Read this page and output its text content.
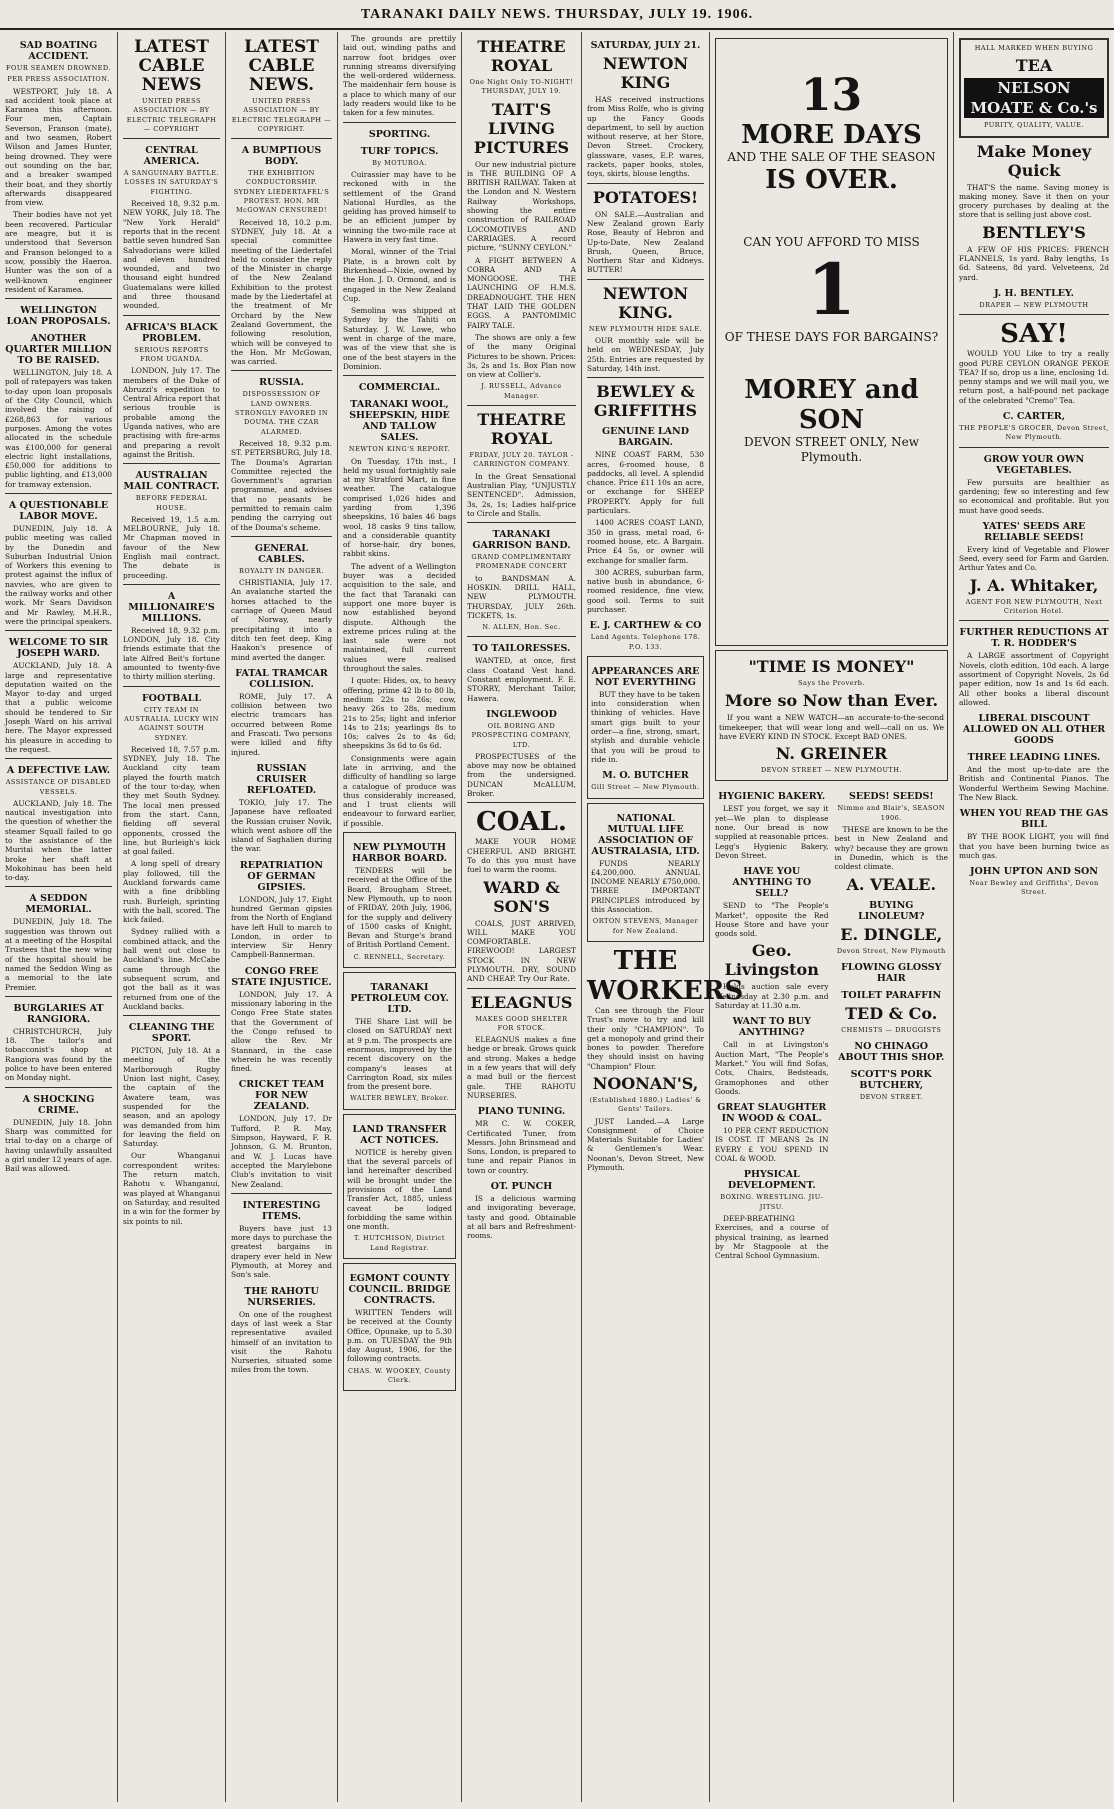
TARANAKI DAILY NEWS. THURSDAY, JULY 19. 1906.
SAD BOATING ACCIDENT.
FOUR SEAMEN DROWNED.
PER PRESS ASSOCIATION.
WESTPORT, July 18. A sad accident took place at Karamea this afternoon. Four men, Captain Severson, Franson (mate), and two seamen, Robert Wilson and James Hunter, being drowned. They were out sounding on the bar, and a breaker swamped their boat, and they shortly afterwards disappeared from view.
Their bodies have not yet been recovered. Particular are meagre, but it is understood that Severson and Franson belonged to a scow, possibly the Haeroa. Hunter was the son of a well-known engineer resident of Karamea.
WELLINGTON LOAN PROPOSALS.
ANOTHER QUARTER MILLION TO BE RAISED.
WELLINGTON, July 18. A poll of ratepayers was taken to-day upon loan proposals of the City Council, which involved the raising of £268,863 for various purposes. Among the votes allocated in the schedule was £100,000 for general electric light installations, £50,000 for additions to public lighting, and £13,000 for tramway extension.
A QUESTIONABLE LABOR MOVE.
DUNEDIN, July 18. A public meeting was called by the Dunedin and Suburban Industrial Union of Workers this evening to protest against the influx of navvies, who are given to the railway works and other work. Mr Sears Davidson and Mr Rawley, M.H.R., were the principal speakers.
WELCOME TO SIR JOSEPH WARD.
AUCKLAND, July 18. A large and representative deputation waited on the Mayor to-day and urged that a public welcome should be tendered to Sir Joseph Ward on his arrival here. The Mayor expressed his pleasure in acceding to the request.
A DEFECTIVE LAW.
ASSISTANCE OF DISABLED VESSELS.
AUCKLAND, July 18. The nautical investigation into the question of whether the steamer Squall failed to go to the assistance of the Muritai when the latter broke her shaft at Mokohinau has been held to-day.
A SEDDON MEMORIAL.
DUNEDIN, July 18. The suggestion was thrown out at a meeting of the Hospital Trustees that the new wing of the hospital should be named the Seddon Wing as a memorial to the late Premier.
BURGLARIES AT RANGIORA.
CHRISTCHURCH, July 18. The tailor's and tobacconist's shop at Rangiora was found by the police to have been entered on Monday night.
A SHOCKING CRIME.
DUNEDIN, July 18. John Sharp was committed for trial to-day on a charge of having unlawfully assaulted a girl under 12 years of age. Bail was allowed.
LATEST CABLE NEWS
UNITED PRESS ASSOCIATION — BY ELECTRIC TELEGRAPH — COPYRIGHT
CENTRAL AMERICA.
A SANGUINARY BATTLE. LOSSES IN SATURDAY'S FIGHTING.
Received 18, 9.32 p.m. NEW YORK, July 18. The "New York Herald" reports that in the recent battle seven hundred San Salvadorians were killed and eleven hundred wounded, and two thousand eight hundred Guatemalans were killed and three thousand wounded.
AFRICA'S BLACK PROBLEM.
SERIOUS REPORTS FROM UGANDA.
LONDON, July 17. The members of the Duke of Abruzzi's expedition to Central Africa report that serious trouble is probable among the Uganda natives, who are practising with fire-arms and preparing a revolt against the British.
AUSTRALIAN MAIL CONTRACT.
BEFORE FEDERAL HOUSE.
Received 19, 1.5 a.m. MELBOURNE, July 18. Mr Chapman moved in favour of the New English mail contract. The debate is proceeding.
A MILLIONAIRE'S MILLIONS.
Received 18, 9.32 p.m. LONDON, July 18. City friends estimate that the late Alfred Beit's fortune amounted to twenty-five to thirty million sterling.
FOOTBALL
CITY TEAM IN AUSTRALIA. LUCKY WIN AGAINST SOUTH SYDNEY.
Received 18, 7.57 p.m. SYDNEY, July 18. The Auckland city team played the fourth match of the tour to-day, when they met South Sydney. The local men pressed from the start. Cann, fielding off several opponents, crossed the line, but Burleigh's kick at goal failed.
A long spell of dreary play followed, till the Auckland forwards came with a fine dribbling rush. Burleigh, sprinting with the ball, scored. The kick failed.
Sydney rallied with a combined attack, and the ball went out close to Auckland's line. McCabe came through the subsequent scrum, and got the ball as it was returned from one of the Auckland backs.
CLEANING THE SPORT.
PICTON, July 18. At a meeting of the Marlborough Rugby Union last night, Casey, the captain of the Awatere team, was suspended for the season, and an apology was demanded from him for leaving the field on Saturday.
Our Whanganui correspondent writes: The return match, Rahotu v. Whanganui, was played at Whanganui on Saturday, and resulted in a win for the former by six points to nil.
LATEST CABLE NEWS.
UNITED PRESS ASSOCIATION — BY ELECTRIC TELEGRAPH — COPYRIGHT.
A BUMPTIOUS BODY.
THE EXHIBITION CONDUCTORSHIP. SYDNEY LIEDERTAFEL'S PROTEST. HON. MR McGOWAN CENSURED!
Received 18, 10.2 p.m. SYDNEY, July 18. At a special committee meeting of the Liedertafel held to consider the reply of the Minister in charge of the New Zealand Exhibition to the protest made by the Liedertafel at the treatment of Mr Orchard by the New Zealand Government, the following resolution, which will be conveyed to the Hon. Mr McGowan, was carried.
RUSSIA.
DISPOSSESSION OF LAND OWNERS. STRONGLY FAVORED IN DOUMA. THE CZAR ALARMED.
Received 18, 9.32 p.m. ST. PETERSBURG, July 18. The Douma's Agrarian Committee rejected the Government's agrarian programme, and advises that no peasants be permitted to remain calm pending the carrying out of the Douma's scheme.
GENERAL CABLES.
ROYALTY IN DANGER.
CHRISTIANIA, July 17. An avalanche started the horses attached to the carriage of Queen Maud of Norway, nearly precipitating it into a ditch ten feet deep. King Haakon's presence of mind averted the danger.
FATAL TRAMCAR COLLISION.
ROME, July 17. A collision between two electric tramcars has occurred between Rome and Frascati. Two persons were killed and fifty injured.
RUSSIAN CRUISER REFLOATED.
TOKIO, July 17. The Japanese have refloated the Russian cruiser Novik, which went ashore off the island of Saghalien during the war.
REPATRIATION OF GERMAN GIPSIES.
LONDON, July 17. Eight hundred German gipsies from the North of England have left Hull to march to London, in order to interview Sir Henry Campbell-Bannerman.
CONGO FREE STATE INJUSTICE.
LONDON, July 17. A missionary laboring in the Congo Free State states that the Government of the Congo refused to allow the Rev. Mr Stannard, in the case wherein he was recently fined.
CRICKET TEAM FOR NEW ZEALAND.
LONDON, July 17. Dr Tufford, P. R. May, Simpson, Hayward, F. R. Johnson, G. M. Brunton, and W. J. Lucas have accepted the Marylebone Club's invitation to visit New Zealand.
INTERESTING ITEMS.
Buyers have just 13 more days to purchase the greatest bargains in drapery ever held in New Plymouth, at Morey and Son's sale.
THE RAHOTU NURSERIES.
On one of the roughest days of last week a Star representative availed himself of an invitation to visit the Rahotu Nurseries, situated some miles from the town.
The grounds are prettily laid out, winding paths and narrow foot bridges over running streams diversifying the well-ordered wilderness. The maidenhair fern house is a place to which many of our lady readers would like to be taken for a few minutes.
SPORTING.
TURF TOPICS.
By MOTUROA.
Cuirassier may have to be reckoned with in the settlement of the Grand National Hurdles, as the gelding has proved himself to be an efficient jumper by winning the two-mile race at Hawera in very fast time.
Moral, winner of the Trial Plate, is a brown colt by Birkenhead—Nixie, owned by the Hon. J. D. Ormond, and is engaged in the New Zealand Cup.
Semolina was shipped at Sydney by the Tahiti on Saturday. J. W. Lowe, who went in charge of the mare, was of the view that she is one of the best stayers in the Dominion.
COMMERCIAL.
TARANAKI WOOL, SHEEPSKIN, HIDE AND TALLOW SALES.
NEWTON KING'S REPORT.
On Tuesday, 17th inst., I held my usual fortnightly sale at my Stratford Mart, in fine weather. The catalogue comprised 1,026 hides and yarding from 1,396 sheepskins, 16 bales 46 bags wool, 18 casks 9 tins tallow, and a considerable quantity of horse-hair, dry bones, rabbit skins.
The advent of a Wellington buyer was a decided acquisition to the sale, and the fact that Taranaki can support one more buyer is now established beyond dispute. Although the extreme prices ruling at the last sale were not maintained, full current values were realised throughout the sales.
I quote: Hides, ox, to heavy offering, prime 42 lb to 80 lb, medium 22s to 26s; cow, heavy 26s to 28s, medium 21s to 25s; light and inferior 14s to 21s; yearlings 8s to 10s; calves 2s to 4s 6d; sheepskins 3s 6d to 6s 6d.
Consignments were again late in arriving, and the difficulty of handling so large a catalogue of produce was thus considerably increased, and I trust clients will endeavour to forward earlier, if possible.
NEW PLYMOUTH HARBOR BOARD.
TENDERS will be received at the Office of the Board, Brougham Street, New Plymouth, up to noon of FRIDAY, 20th July, 1906, for the supply and delivery of 1500 casks of Knight, Bevan and Sturge's brand of British Portland Cement.
C. RENNELL, Secretary.
TARANAKI PETROLEUM COY. LTD.
THE Share List will be closed on SATURDAY next at 9 p.m. The prospects are enormous, improved by the recent discovery on the company's leases at Carrington Road, six miles from the present bore.
WALTER BEWLEY, Broker.
LAND TRANSFER ACT NOTICES.
NOTICE is hereby given that the several parcels of land hereinafter described will be brought under the provisions of the Land Transfer Act, 1885, unless caveat be lodged forbidding the same within one month.
T. HUTCHISON, District Land Registrar.
EGMONT COUNTY COUNCIL. BRIDGE CONTRACTS.
WRITTEN Tenders will be received at the County Office, Opunake, up to 5.30 p.m. on TUESDAY the 9th day August, 1906, for the following contracts.
CHAS. W. WOOKEY, County Clerk.
THEATRE ROYAL
One Night Only TO-NIGHT! THURSDAY, JULY 19.
TAIT'S LIVING PICTURES
Our new industrial picture is THE BUILDING OF A BRITISH RAILWAY. Taken at the London and N. Western Railway Workshops, showing the entire construction of RAILROAD LOCOMOTIVES AND CARRIAGES. A record picture, "SUNNY CEYLON."
A FIGHT BETWEEN A COBRA AND A MONGOOSE. THE LAUNCHING OF H.M.S. DREADNOUGHT. THE HEN THAT LAID THE GOLDEN EGGS. A PANTOMIMIC FAIRY TALE.
The shows are only a few of the many Original Pictures to be shown. Prices: 3s, 2s and 1s. Box Plan now on view at Collier's.
J. RUSSELL, Advance Manager.
THEATRE ROYAL
FRIDAY, JULY 20. TAYLOR - CARRINGTON COMPANY.
In the Great Sensational Australian Play, "UNJUSTLY SENTENCED". Admission, 3s, 2s, 1s; Ladies half-price to Circle and Stalls.
TARANAKI GARRISON BAND.
GRAND COMPLIMENTARY PROMENADE CONCERT
to BANDSMAN A. HOSKIN. DRILL HALL, NEW PLYMOUTH. THURSDAY, JULY 26th. TICKETS, 1s.
N. ALLEN, Hon. Sec.
TO TAILORESSES.
WANTED, at once, first class Coatand Vest hand. Constant employment. F. E. STORRY, Merchant Tailor, Hawera.
INGLEWOOD
OIL BORING AND PROSPECTING COMPANY, LTD.
PROSPECTUSES of the above may now be obtained from the undersigned. DUNCAN McALLUM, Broker.
COAL.
MAKE YOUR HOME CHEERFUL AND BRIGHT. To do this you must have fuel to warm the rooms.
WARD & SON'S
COALS, JUST ARRIVED, WILL MAKE YOU COMFORTABLE. FIREWOOD! LARGEST STOCK IN NEW PLYMOUTH. DRY, SOUND AND CHEAP. Try Our Rate.
ELEAGNUS
MAKES GOOD SHELTER FOR STOCK.
ELEAGNUS makes a fine hedge or break. Grows quick and strong. Makes a hedge in a few years that will defy a mad bull or the fiercest gale. THE RAHOTU NURSERIES.
PIANO TUNING.
MR C. W. COKER, Certificated Tuner, from Messrs. John Brinsmead and Sons, London, is prepared to tune and repair Pianos in town or country.
OT. PUNCH
IS a delicious warming and invigorating beverage, tasty and good. Obtainable at all bars and Refreshment-rooms.
SATURDAY, JULY 21.
NEWTON KING
HAS received instructions from Miss Rolfe, who is giving up the Fancy Goods department, to sell by auction without reserve, at her Store, Devon Street. Crockery, glassware, vases, E.P. wares, rackets, paper books, stoles, toys, skirts, blouse lengths.
POTATOES!
ON SALE.—Australian and New Zealand grown Early Rose, Beauty of Hebron and Up-to-Date, New Zealand Brush, Queen, Bruce, Northern Star and Kidneys. BUTTER!
NEWTON KING.
NEW PLYMOUTH HIDE SALE.
OUR monthly sale will be held on WEDNESDAY, July 25th. Entries are requested by Saturday, 14th inst.
BEWLEY & GRIFFITHS
GENUINE LAND BARGAIN.
NINE COAST FARM, 530 acres, 6-roomed house, 8 paddocks, all level. A splendid chance. Price £11 10s an acre, or exchange for SHEEP PROPERTY. Apply for full particulars.
1400 ACRES COAST LAND, 350 in grass, metal road, 6-roomed house, etc. A Bargain. Price £4 5s, or owner will exchange for smaller farm.
300 ACRES, suburban farm, native bush in abundance, 6-roomed residence, fine view, good soil. Terms to suit purchaser.
E. J. CARTHEW & CO
Land Agents. Telephone 178. P.O. 133.
APPEARANCES ARE NOT EVERYTHING
BUT they have to be taken into consideration when thinking of vehicles. Have smart gigs built to your order—a fine, strong, smart, stylish and durable vehicle that you will be proud to ride in.
M. O. BUTCHER
Gill Street — New Plymouth.
NATIONAL MUTUAL LIFE ASSOCIATION OF AUSTRALASIA, LTD.
FUNDS NEARLY £4,200,000. ANNUAL INCOME NEARLY £750,000. THREE IMPORTANT PRINCIPLES introduced by this Association.
ORTON STEVENS, Manager for New Zealand.
THE WORKERS
Can see through the Flour Trust's move to try and kill their only "CHAMPION". To get a monopoly and grind their bones to powder. Therefore they should insist on having "Champion" Flour.
NOONAN'S,
(Established 1880.) Ladies' & Gents' Tailors.
JUST Landed.—A Large Consignment of Choice Materials Suitable for Ladies' & Gentlemen's Wear. Noonan's, Devon Street, New Plymouth.
13
MORE DAYS
AND THE SALE OF THE SEASON
IS OVER.
CAN YOU AFFORD TO MISS
1
OF THESE DAYS FOR BARGAINS?
MOREY and SON
DEVON STREET ONLY, New Plymouth.
"TIME IS MONEY"
Says the Proverb.
More so Now than Ever.
If you want a NEW WATCH—an accurate-to-the-second timekeeper, that will wear long and well—call on us. We have EVERY KIND IN STOCK. Except BAD ONES.
N. GREINER
DEVON STREET — NEW PLYMOUTH.
HYGIENIC BAKERY.
LEST you forget, we say it yet—We plan to displease none. Our bread is now supplied at reasonable prices. Legg's Hygienic Bakery, Devon Street.
HAVE YOU ANYTHING TO SELL?
SEND to "The People's Market", opposite the Red House Store and have your goods sold.
Geo. Livingston
Holds auction sale every Wednesday at 2.30 p.m. and Saturday at 11.30 a.m.
WANT TO BUY ANYTHING?
Call in at Livingston's Auction Mart, "The People's Market." You will find Sofas, Cots, Chairs, Bedsteads, Gramophones and other Goods.
GREAT SLAUGHTER IN WOOD & COAL.
10 PER CENT REDUCTION IS COST. IT MEANS 2s IN EVERY £ YOU SPEND IN COAL & WOOD.
PHYSICAL DEVELOPMENT.
BOXING. WRESTLING. JIU-JITSU.
DEEP-BREATHING Exercises, and a course of physical training, as learned by Mr Stagpoole at the Central School Gymnasium.
SEEDS! SEEDS!
Nimmo and Blair's, SEASON 1906.
THESE are known to be the best in New Zealand and why? because they are grown in Dunedin, which is the coldest climate.
A. VEALE.
BUYING LINOLEUM?
E. DINGLE,
Devon Street, New Plymouth
FLOWING GLOSSY HAIR
TOILET PARAFFIN
TED & Co.
CHEMISTS — DRUGGISTS
NO CHINAGO ABOUT THIS SHOP.
SCOTT'S PORK BUTCHERY,
DEVON STREET.
HALL MARKED WHEN BUYING
TEA
NELSON MOATE & Co.'s
PURITY, QUALITY, VALUE.
Make Money Quick
THAT'S the name. Saving money is making money. Save it then on your grocery purchases by dealing at the store that is selling just above cost.
BENTLEY'S
A FEW OF HIS PRICES: FRENCH FLANNELS, 1s yard. Baby lengths, 1s 6d. Sateens, 8d yard. Velveteens, 2d yard.
J. H. BENTLEY.
DRAPER — NEW PLYMOUTH
SAY!
WOULD YOU Like to try a really good PURE CEYLON ORANGE PEKOE TEA? If so, drop us a line, enclosing 1d. penny stamps and we will mail you, we return post, a half-pound net package of the celebrated "Cremo" Tea.
C. CARTER,
THE PEOPLE'S GROCER, Devon Street, New Plymouth.
GROW YOUR OWN VEGETABLES.
Few pursuits are healthier as gardening; few so interesting and few so economical and profitable. But you must have good seeds.
YATES' SEEDS ARE RELIABLE SEEDS!
Every kind of Vegetable and Flower Seed, every seed for Farm and Garden. Arthur Yates and Co.
J. A. Whitaker,
AGENT FOR NEW PLYMOUTH, Next Criterion Hotel.
FURTHER REDUCTIONS AT T. R. HODDER'S
A LARGE assortment of Copyright Novels, cloth edition, 10d each. A large assortment of Copyright Novels, 2s 6d paper edition, now 1s and 1s 6d each. All other books a liberal discount allowed.
LIBERAL DISCOUNT ALLOWED ON ALL OTHER GOODS
THREE LEADING LINES.
And the most up-to-date are the British and Continental Pianos. The Wonderful Wertheim Sewing Machine. The New Black.
WHEN YOU READ THE GAS BILL
BY THE BOOK LIGHT, you will find that you have been burning twice as much gas.
JOHN UPTON AND SON
Near Bewley and Griffiths', Devon Street.
